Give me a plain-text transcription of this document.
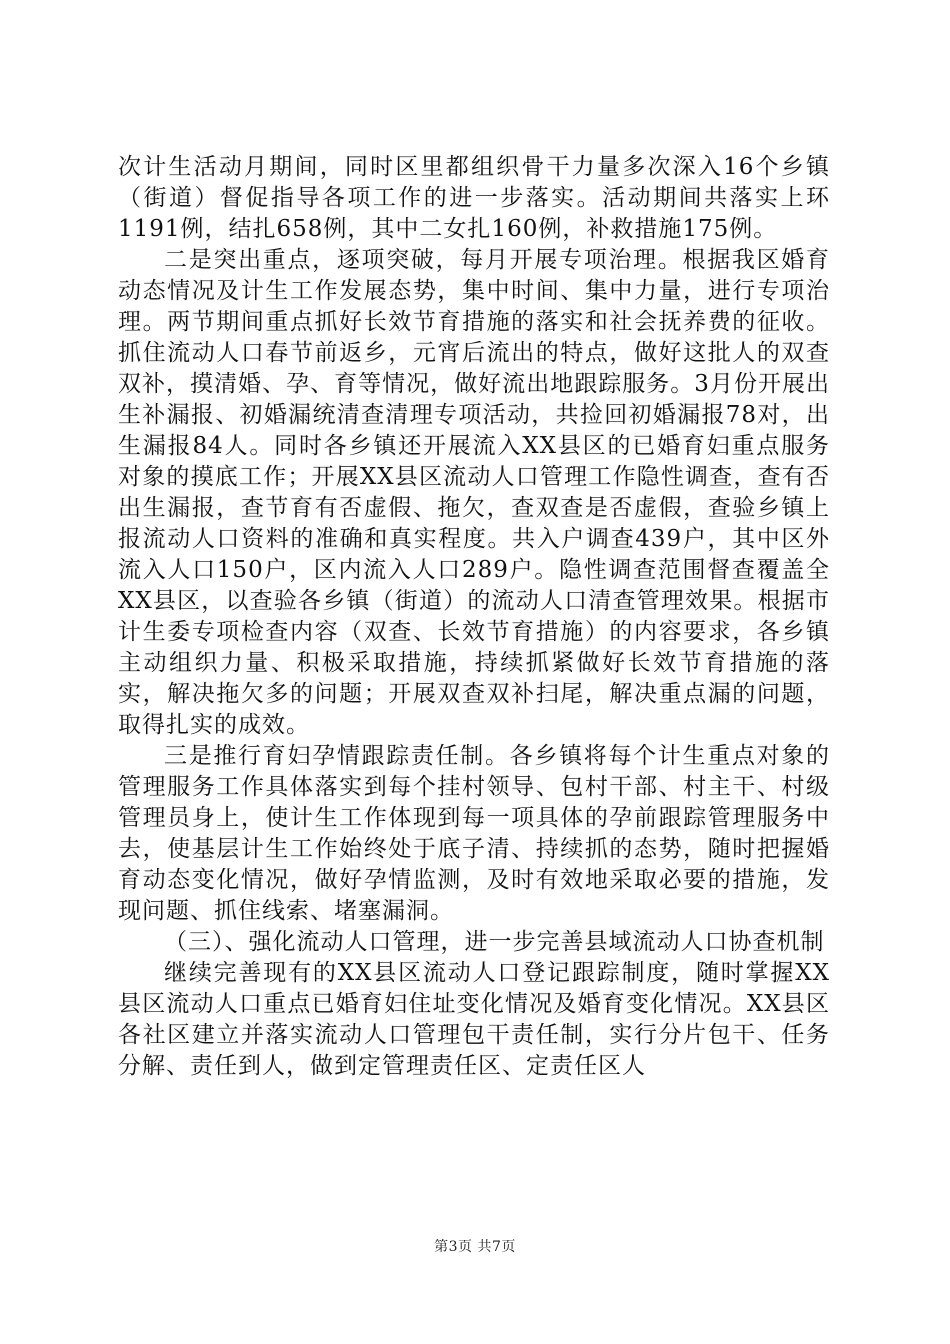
次计生活动月期间，同时区里都组织骨干力量多次深入16个乡镇（街道）督促指导各项工作的进一步落实。活动期间共落实上环1191例，结扎658例，其中二女扎160例，补救措施175例。

二是突出重点，逐项突破，每月开展专项治理。根据我区婚育动态情况及计生工作发展态势，集中时间、集中力量，进行专项治理。两节期间重点抓好长效节育措施的落实和社会抚养费的征收。抓住流动人口春节前返乡，元宵后流出的特点，做好这批人的双查双补，摸清婚、孕、育等情况，做好流出地跟踪服务。3月份开展出生补漏报、初婚漏统清查清理专项活动，共捡回初婚漏报78对，出生漏报84人。同时各乡镇还开展流入XX县区的已婚育妇重点服务对象的摸底工作；开展XX县区流动人口管理工作隐性调查，查有否出生漏报，查节育有否虚假、拖欠，查双查是否虚假，查验乡镇上报流动人口资料的准确和真实程度。共入户调查439户，其中区外流入人口150户，区内流入人口289户。隐性调查范围督查覆盖全XX县区，以查验各乡镇（街道）的流动人口清查管理效果。根据市计生委专项检查内容（双查、长效节育措施）的内容要求，各乡镇主动组织力量、积极采取措施，持续抓紧做好长效节育措施的落实，解决拖欠多的问题；开展双查双补扫尾，解决重点漏的问题，取得扎实的成效。

三是推行育妇孕情跟踪责任制。各乡镇将每个计生重点对象的管理服务工作具体落实到每个挂村领导、包村干部、村主干、村级管理员身上，使计生工作体现到每一项具体的孕前跟踪管理服务中去，使基层计生工作始终处于底子清、持续抓的态势，随时把握婚育动态变化情况，做好孕情监测，及时有效地采取必要的措施，发现问题、抓住线索、堵塞漏洞。

（三）、强化流动人口管理，进一步完善县域流动人口协查机制

继续完善现有的XX县区流动人口登记跟踪制度，随时掌握XX县区流动人口重点已婚育妇住址变化情况及婚育变化情况。XX县区各社区建立并落实流动人口管理包干责任制，实行分片包干、任务分解、责任到人，做到定管理责任区、定责任区人

第3页 共7页
